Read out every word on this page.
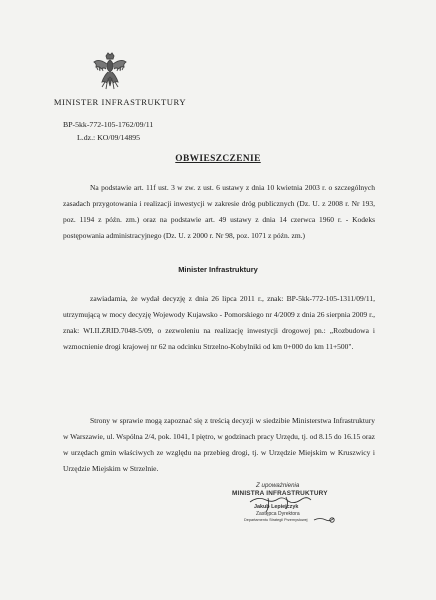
MINISTER INFRASTRUKTURY
BP-5kk-772-105-1762/09/11
L.dz.: KO/09/14895
OBWIESZCZENIE

Na podstawie art. 11f ust. 3 w zw. z ust. 6 ustawy z dnia 10 kwietnia 2003 r. o szczególnych zasadach przygotowania i realizacji inwestycji w zakresie dróg publicznych (Dz. U. z 2008 r. Nr 193, poz. 1194 z późn. zm.) oraz na podstawie art. 49 ustawy z dnia 14 czerwca 1960 r. - Kodeks postępowania administracyjnego (Dz. U. z 2000 r. Nr 98, poz. 1071 z późn. zm.)

Minister Infrastruktury

zawiadamia, że wydał decyzję z dnia 26 lipca 2011 r., znak: BP-5kk-772-105-1311/09/11, utrzymującą w mocy decyzję Wojewody Kujawsko - Pomorskiego nr 4/2009 z dnia 26 sierpnia 2009 r., znak: WI.II.ZRID.7048-5/09, o zezwoleniu na realizację inwestycji drogowej pn.: „Rozbudowa i wzmocnienie drogi krajowej nr 62 na odcinku Strzelno-Kobylniki od km 0+000 do km 11+500".

Strony w sprawie mogą zapoznać się z treścią decyzji w siedzibie Ministerstwa Infrastruktury w Warszawie, ul. Wspólna 2/4, pok. 1041, I piętro, w godzinach pracy Urzędu, tj. od 8.15 do 16.15 oraz w urzędach gmin właściwych ze względu na przebieg drogi, tj. w Urzędzie Miejskim w Kruszwicy i Urzędzie Miejskim w Strzelnie.

Z upoważnienia
MINISTRA INFRASTRUKTURY
Jakub Lepiejczyk
Zastępca Dyrektora
Departamentu Strategii Przemysłowej
